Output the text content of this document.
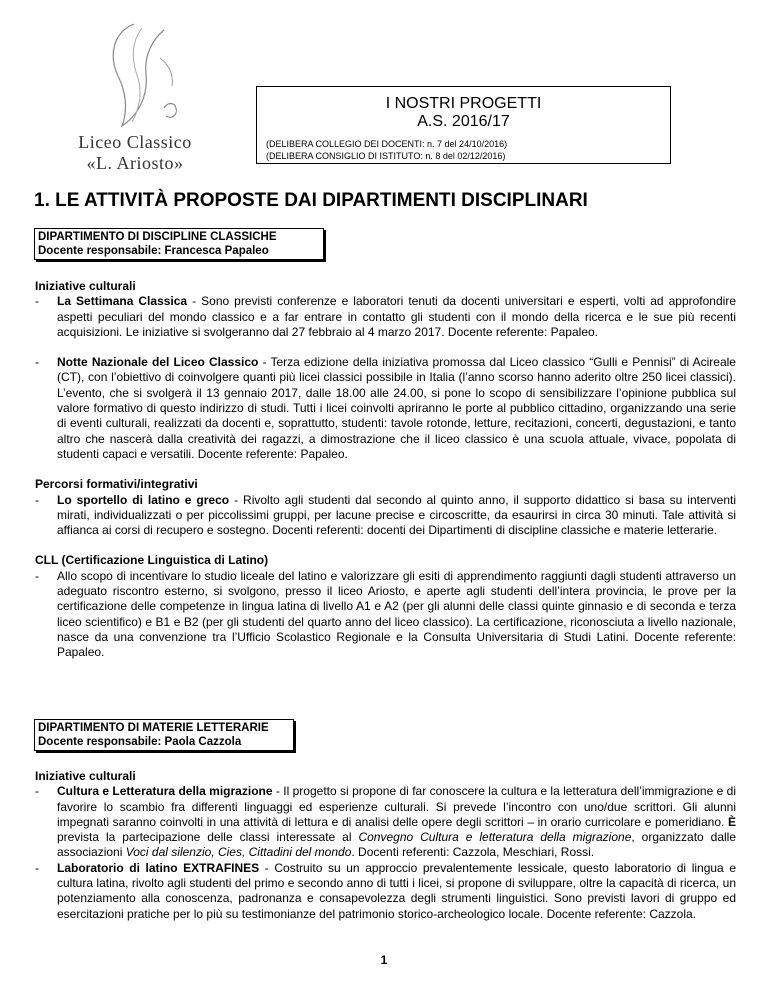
Liceo Classico
«L. Ariosto»
I NOSTRI PROGETTI
A.S. 2016/17
(DELIBERA COLLEGIO DEI DOCENTI: n. 7 del 24/10/2016)
(DELIBERA CONSIGLIO DI ISTITUTO: n. 8 del 02/12/2016)
1. LE ATTIVITÀ PROPOSTE DAI DIPARTIMENTI DISCIPLINARI
DIPARTIMENTO DI DISCIPLINE CLASSICHE
Docente responsabile: Francesca Papaleo
Iniziative culturali
- La Settimana Classica - Sono previsti conferenze e laboratori tenuti da docenti universitari e esperti, volti ad approfondire aspetti peculiari del mondo classico e a far entrare in contatto gli studenti con il mondo della ricerca e le sue più recenti acquisizioni. Le iniziative si svolgeranno dal 27 febbraio al 4 marzo 2017. Docente referente: Papaleo.
- Notte Nazionale del Liceo Classico - Terza edizione della iniziativa promossa dal Liceo classico “Gulli e Pennisi” di Acireale (CT), con l’obiettivo di coinvolgere quanti più licei classici possibile in Italia (l’anno scorso hanno aderito oltre 250 licei classici). L’evento, che si svolgerà il 13 gennaio 2017, dalle 18.00 alle 24.00, si pone lo scopo di sensibilizzare l’opinione pubblica sul valore formativo di questo indirizzo di studi. Tutti i licei coinvolti apriranno le porte al pubblico cittadino, organizzando una serie di eventi culturali, realizzati da docenti e, soprattutto, studenti: tavole rotonde, letture, recitazioni, concerti, degustazioni, e tanto altro che nascerà dalla creatività dei ragazzi, a dimostrazione che il liceo classico è una scuola attuale, vivace, popolata di studenti capaci e versatili. Docente referente: Papaleo.
Percorsi formativi/integrativi
- Lo sportello di latino e greco - Rivolto agli studenti dal secondo al quinto anno, il supporto didattico si basa su interventi mirati, individualizzati o per piccolissimi gruppi, per lacune precise e circoscritte, da esaurirsi in circa 30 minuti. Tale attività si affianca ai corsi di recupero e sostegno. Docenti referenti: docenti dei Dipartimenti di discipline classiche e materie letterarie.
CLL (Certificazione Linguistica di Latino)
- Allo scopo di incentivare lo studio liceale del latino e valorizzare gli esiti di apprendimento raggiunti dagli studenti attraverso un adeguato riscontro esterno, si svolgono, presso il liceo Ariosto, e aperte agli studenti dell’intera provincia, le prove per la certificazione delle competenze in lingua latina di livello A1 e A2 (per gli alunni delle classi quinte ginnasio e di seconda e terza liceo scientifico) e B1 e B2 (per gli studenti del quarto anno del liceo classico). La certificazione, riconosciuta a livello nazionale, nasce da una convenzione tra l’Ufficio Scolastico Regionale e la Consulta Universitaria di Studi Latini. Docente referente: Papaleo.
DIPARTIMENTO DI MATERIE LETTERARIE
Docente responsabile: Paola Cazzola
Iniziative culturali
- Cultura e Letteratura della migrazione - Il progetto si propone di far conoscere la cultura e la letteratura dell’immigrazione e di favorire lo scambio fra differenti linguaggi ed esperienze culturali. Si prevede l’incontro con uno/due scrittori. Gli alunni impegnati saranno coinvolti in una attività di lettura e di analisi delle opere degli scrittori – in orario curricolare e pomeridiano. È prevista la partecipazione delle classi interessate al Convegno Cultura e letteratura della migrazione, organizzato dalle associazioni Voci dal silenzio, Cies, Cittadini del mondo. Docenti referenti: Cazzola, Meschiari, Rossi.
- Laboratorio di latino EXTRAFINES - Costruito su un approccio prevalentemente lessicale, questo laboratorio di lingua e cultura latina, rivolto agli studenti del primo e secondo anno di tutti i licei, si propone di sviluppare, oltre la capacità di ricerca, un potenziamento alla conoscenza, padronanza e consapevolezza degli strumenti linguistici. Sono previsti lavori di gruppo ed esercitazioni pratiche per lo più su testimonianze del patrimonio storico-archeologico locale. Docente referente: Cazzola.
1
